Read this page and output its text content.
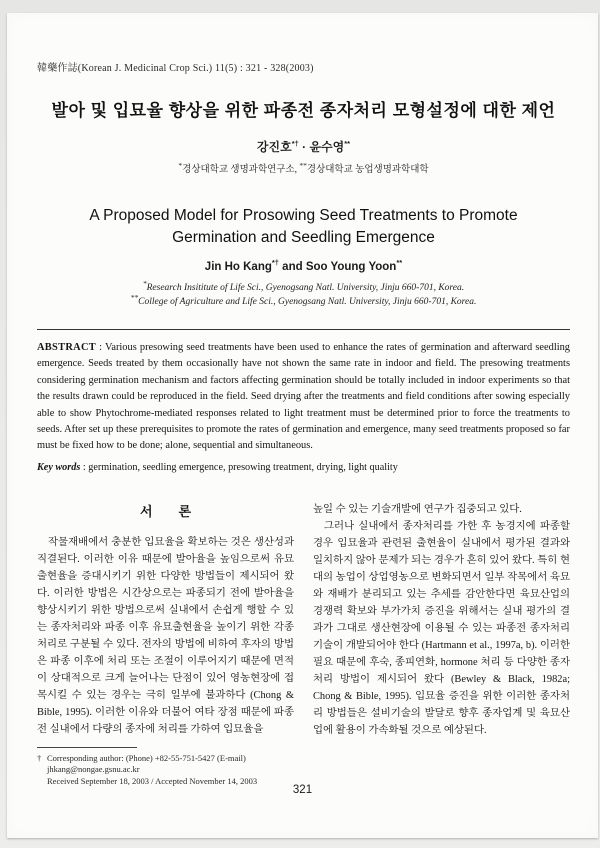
韓藥作誌(Korean J. Medicinal Crop Sci.) 11(5) : 321 - 328(2003)
발아 및 입묘율 향상을 위한 파종전 종자처리 모형설정에 대한 제언
강진호*† · 윤수영**
*경상대학교 생명과학연구소, **경상대학교 농업생명과학대학
A Proposed Model for Prosowing Seed Treatments to Promote Germination and Seedling Emergence
Jin Ho Kang*† and Soo Young Yoon**
*Research Insititute of Life Sci., Gyenogsang Natl. University, Jinju 660-701, Korea.
**College of Agriculture and Life Sci., Gyenogsang Natl. University, Jinju 660-701, Korea.
ABSTRACT : Various presowing seed treatments have been used to enhance the rates of germination and afterward seedling emergence. Seeds treated by them occasionally have not shown the same rate in indoor and field. The presowing treatments considering germination mechanism and factors affecting germination should be totally included in indoor experiments so that the results drawn could be reproduced in the field. Seed drying after the treatments and field conditions after sowing especially able to show Phytochrome-mediated responses related to light treatment must be determined prior to force the treatments to seeds. After set up these prerequisites to promote the rates of germination and emergence, many seed treatments proposed so far must be fixed how to be done; alone, sequential and simultaneous.
Key words : germination, seedling emergence, presowing treatment, drying, light quality
서　　론

작물재배에서 충분한 입묘율을 확보하는 것은 생산성과 직결된다. 이러한 이유 때문에 발아율을 높임으로써 유묘 출현율을 증대시키기 위한 다양한 방법들이 제시되어 왔다. 이러한 방법은 시간상으로는 파종되기 전에 발아율을 향상시키기 위한 방법으로써 실내에서 손쉽게 행할 수 있는 종자처리와 파종 이후 유묘출현율을 높이기 위한 각종 처리로 구분될 수 있다. 전자의 방법에 비하여 후자의 방법은 파종 이후에 처리 또는 조절이 이루어지기 때문에 면적이 상대적으로 크게 늘어나는 단점이 있어 영농현장에 접목시킬 수 있는 경우는 극히 일부에 불과하다 (Chong & Bible, 1995). 이러한 이유와 더불어 여타 장점 때문에 파종전 실내에서 다량의 종자에 처리를 가하여 입묘율을

높일 수 있는 기술개발에 연구가 집중되고 있다.

그러나 실내에서 종자처리를 가한 후 농경지에 파종할 경우 입묘율과 관련된 출현율이 실내에서 평가된 결과와 일치하지 않아 문제가 되는 경우가 흔히 있어 왔다. 특히 현대의 농업이 상업영농으로 변화되면서 일부 작목에서 육묘와 재배가 분리되고 있는 추세를 감안한다면 육묘산업의 경쟁력 확보와 부가가치 증진을 위해서는 실내 평가의 결과가 그대로 생산현장에 이용될 수 있는 파종전 종자처리 기술이 개발되어야 한다 (Hartmann et al., 1997a, b). 이러한 필요 때문에 후숙, 종피연화, hormone 처리 등 다양한 종자처리 방법이 제시되어 왔다 (Bewley & Black, 1982a; Chong & Bible, 1995). 입묘율 증진을 위한 이러한 종자처리 방법들은 설비기술의 발달로 향후 종자업계 및 육묘산업에 활용이 가속화될 것으로 예상된다.

† Corresponding author: (Phone) +82-55-751-5427 (E-mail) jhkang@nongae.gsnu.ac.kr
Received September 18, 2003 / Accepted November 14, 2003
321
